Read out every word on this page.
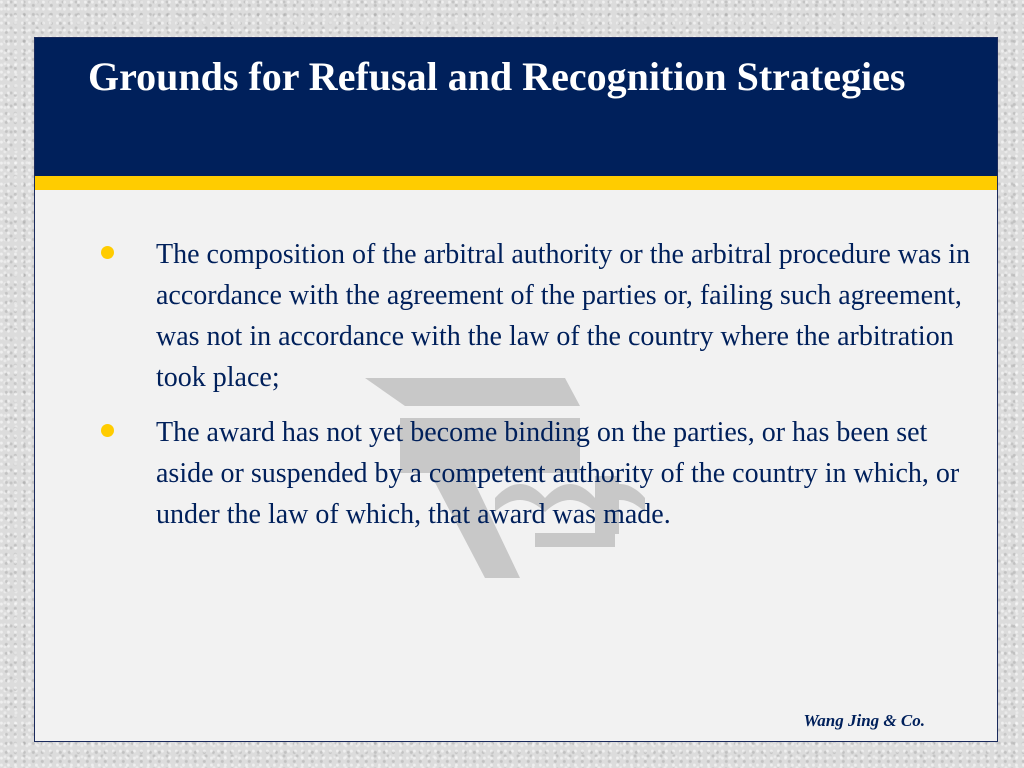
Grounds for Refusal and Recognition Strategies
The composition of the arbitral authority or the arbitral procedure was in accordance with the agreement of the parties or, failing such agreement, was not in accordance with the law of the country where the arbitration took place;
The award has not yet become binding on the parties, or has been set aside or suspended by a competent authority of the country in which, or under the law of which, that award was made.
Wang Jing & Co.
